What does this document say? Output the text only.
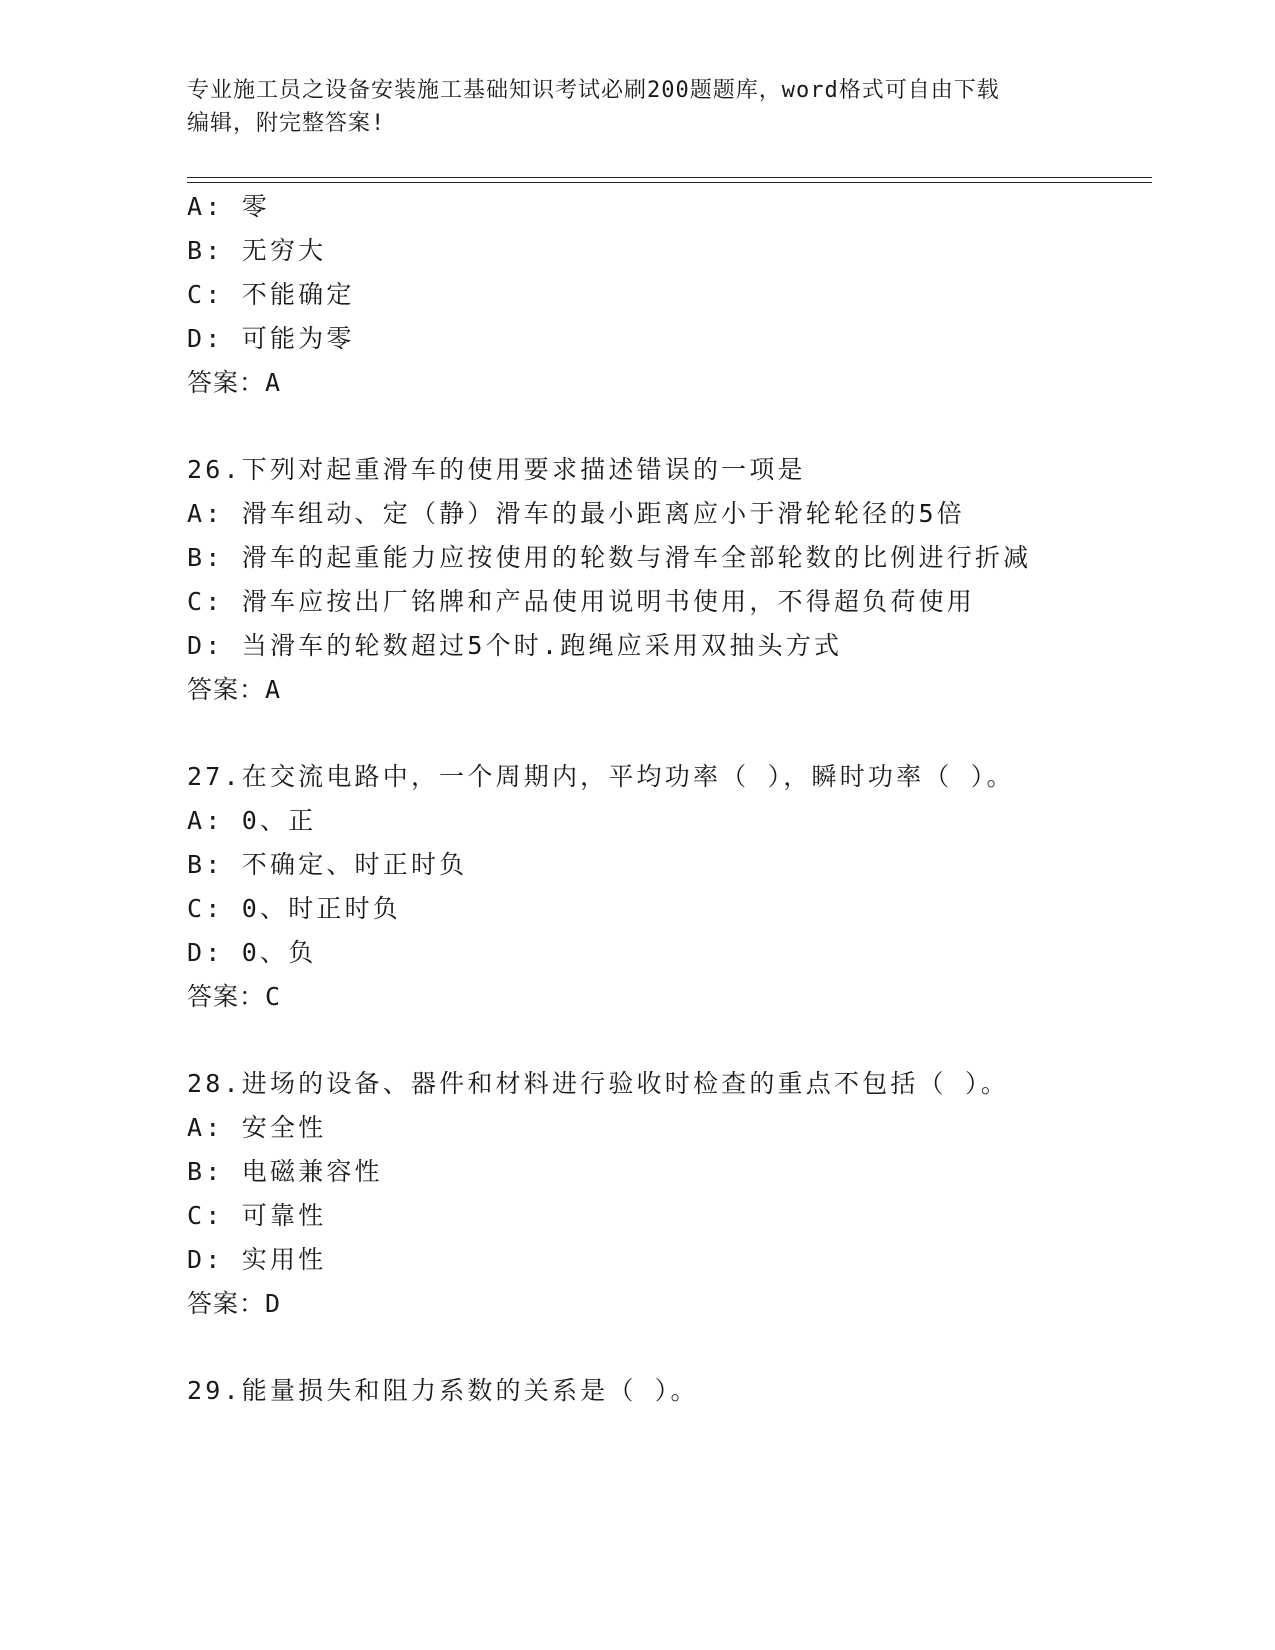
专业施工员之设备安装施工基础知识考试必刷200题题库，word格式可自由下载
编辑，附完整答案!
A: 零
B: 无穷大
C: 不能确定
D: 可能为零
答案：A
26.下列对起重滑车的使用要求描述错误的一项是
A: 滑车组动、定（静）滑车的最小距离应小于滑轮轮径的5倍
B: 滑车的起重能力应按使用的轮数与滑车全部轮数的比例进行折减
C: 滑车应按出厂铭牌和产品使用说明书使用，不得超负荷使用
D: 当滑车的轮数超过5个时.跑绳应采用双抽头方式
答案：A
27.在交流电路中，一个周期内，平均功率（ ），瞬时功率（ ）。
A: 0、正
B: 不确定、时正时负
C: 0、时正时负
D: 0、负
答案：C
28.进场的设备、器件和材料进行验收时检查的重点不包括（ ）。
A: 安全性
B: 电磁兼容性
C: 可靠性
D: 实用性
答案：D
29.能量损失和阻力系数的关系是（ ）。
